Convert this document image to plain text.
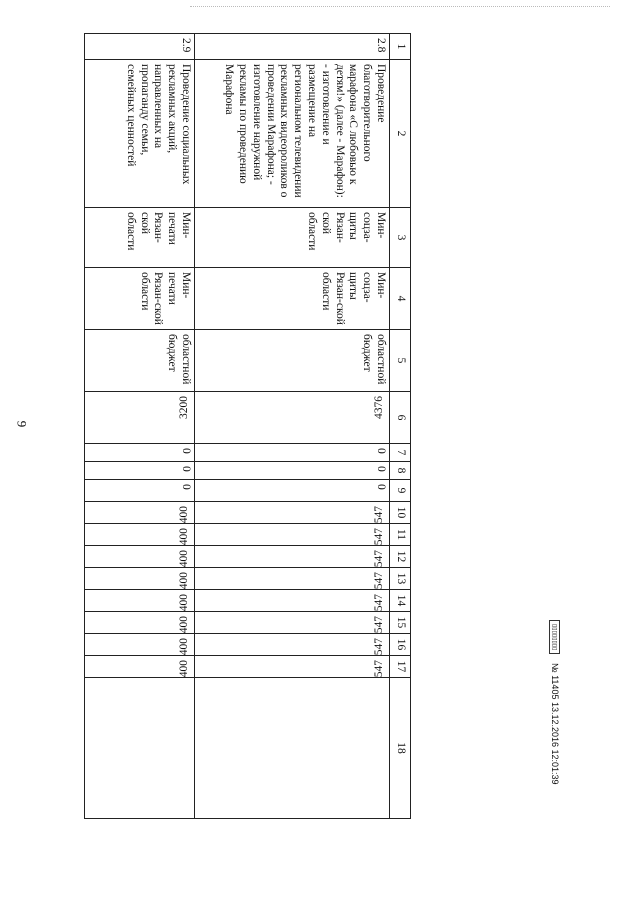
9
1	2	3	4	5	6	7	8	9	10	11	12	13	14	15	16	17	18
2.8	Проведение благотворительного марафона «С любовью к детям!» (далее - Марафон): - изготовление и размещение на региональном телевидении рекламных видеороликов о проведении Марафона; - изготовление наружной рекламы по проведению Марафона	Мин-соцза-щиты Рязан-ской области	Мин-соцза-щиты Рязан-ской области	областной бюджет	4376	0	0	0	547	547	547	547	547	547	547	547	
2.9	Проведение социальных рекламных акций, направленных на пропаганду семьи, семейных ценностей	Мин-печати Рязан-ской области	Мин-печати Рязан-ской области	областной бюджет	3200	0	0	0	400	400	400	400	400	400	400	400	
▯▯▯▯▯▯▯▯ № 11405 13.12.2016 12:01:39
